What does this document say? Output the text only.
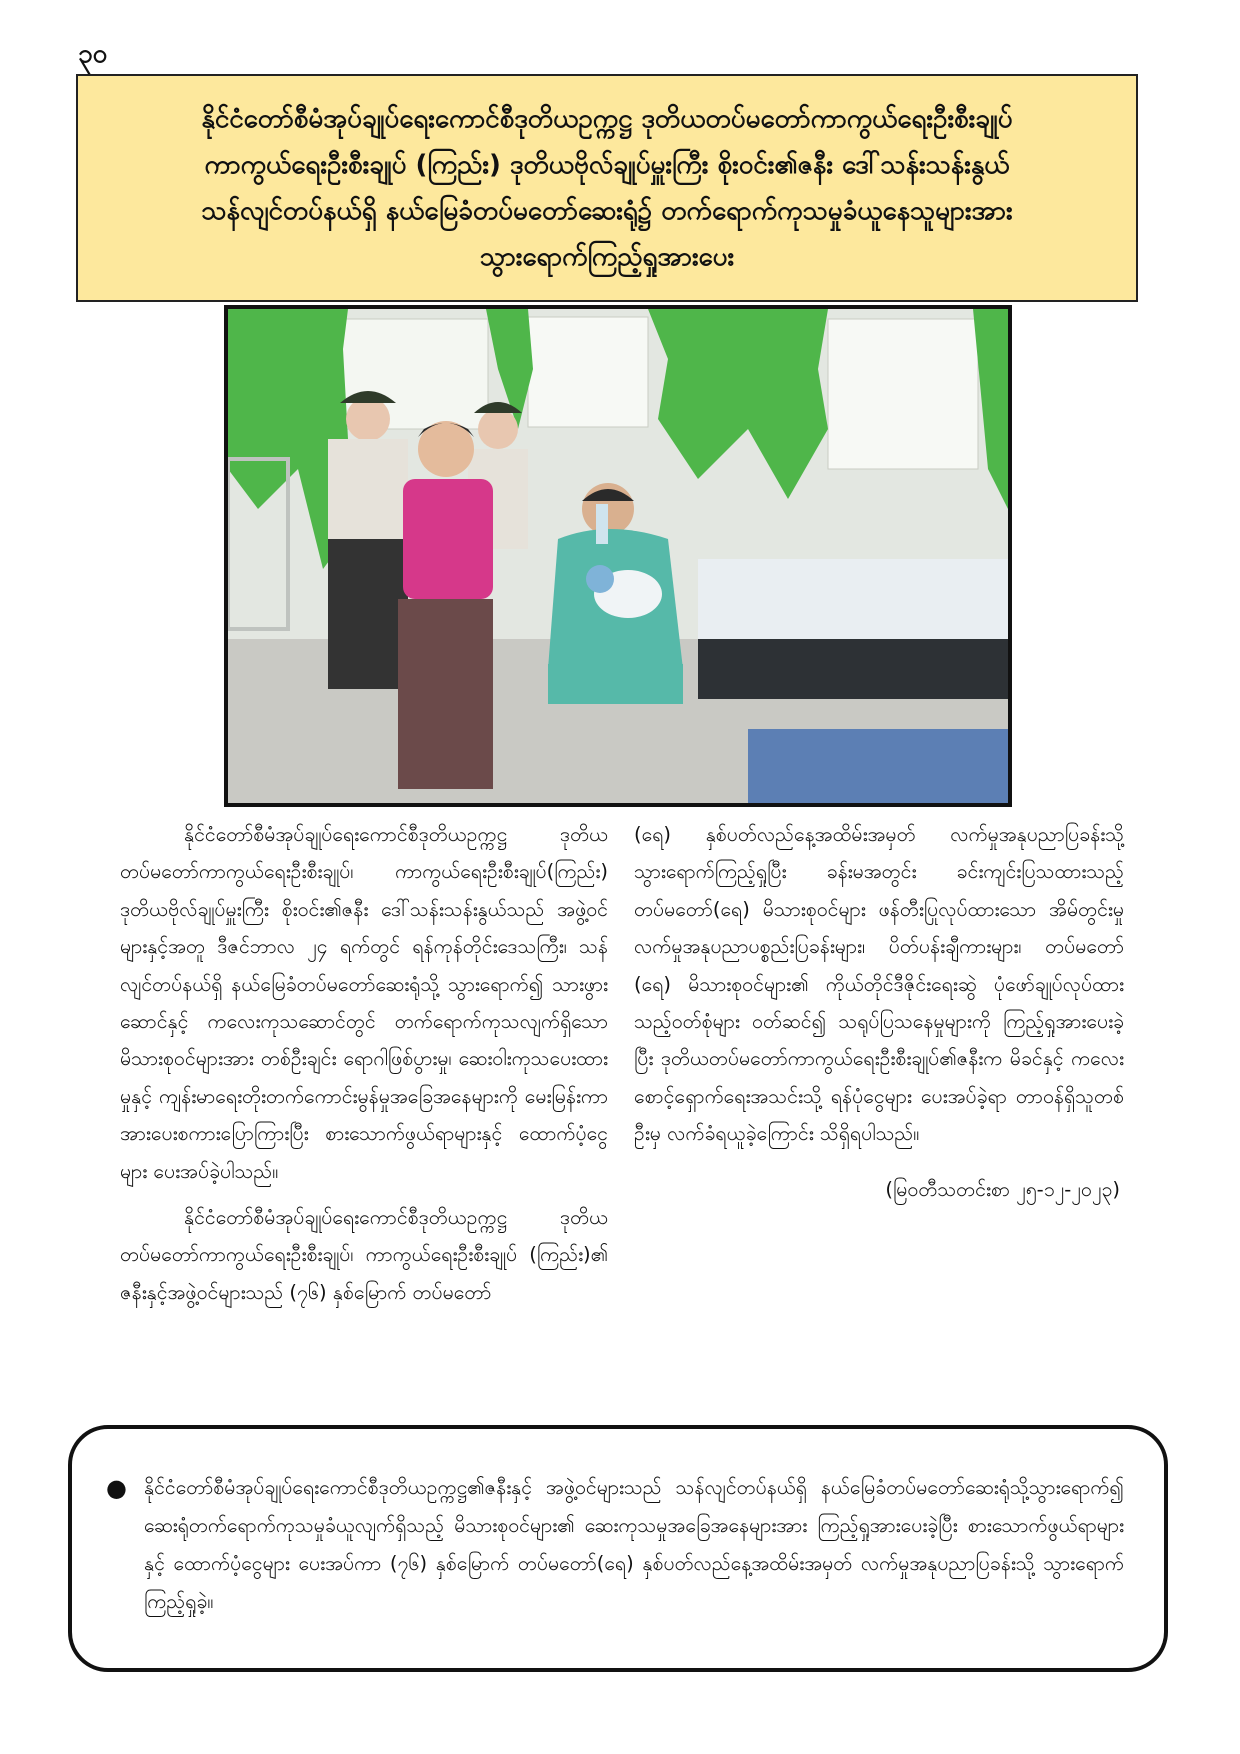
၃၀
နိုင်ငံတော်စီမံအုပ်ချုပ်ရေးကောင်စီဒုတိယဥက္ကဋ္ဌ ဒုတိယတပ်မတော်ကာကွယ်ရေးဦးစီးချုပ်
ကာကွယ်ရေးဦးစီးချုပ် (ကြည်း) ဒုတိယဗိုလ်ချုပ်မှူးကြီး စိုးဝင်း၏ဇနီး ဒေါ်သန်းသန်းနွယ်
သန်လျင်တပ်နယ်ရှိ နယ်မြေခံတပ်မတော်ဆေးရုံ၌ တက်ရောက်ကုသမှုခံယူနေသူများအား
သွားရောက်ကြည့်ရှုအားပေး

နိုင်ငံတော်စီမံအုပ်ချုပ်ရေးကောင်စီဒုတိယဥက္ကဋ္ဌ ဒုတိယ တပ်မတော်ကာကွယ်ရေးဦးစီးချုပ်၊ ကာကွယ်ရေးဦးစီးချုပ်(ကြည်း) ဒုတိယဗိုလ်ချုပ်မှူးကြီး စိုးဝင်း၏ဇနီး ဒေါ်သန်းသန်းနွယ်သည် အဖွဲ့ဝင်များနှင့်အတူ ဒီဇင်ဘာလ ၂၄ ရက်တွင် ရန်ကုန်တိုင်းဒေသကြီး၊ သန်လျင်တပ်နယ်ရှိ နယ်မြေခံတပ်မတော်ဆေးရုံသို့ သွားရောက်၍ သားဖွားဆောင်နှင့် ကလေးကုသဆောင်တွင် တက်ရောက်ကုသလျက်ရှိသော မိသားစုဝင်များအား တစ်ဦးချင်း ရောဂါဖြစ်ပွားမှု၊ ဆေးဝါးကုသပေးထားမှုနှင့် ကျန်းမာရေးတိုးတက်ကောင်းမွန်မှုအခြေအနေများကို မေးမြန်းကာ အားပေးစကားပြောကြားပြီး စားသောက်ဖွယ်ရာများနှင့် ထောက်ပံ့ငွေများ ပေးအပ်ခဲ့ပါသည်။

နိုင်ငံတော်စီမံအုပ်ချုပ်ရေးကောင်စီဒုတိယဥက္ကဋ္ဌ ဒုတိယ တပ်မတော်ကာကွယ်ရေးဦးစီးချုပ်၊ ကာကွယ်ရေးဦးစီးချုပ် (ကြည်း)၏ ဇနီးနှင့်အဖွဲ့ဝင်များသည် (၇၆) နှစ်မြောက် တပ်မတော်

(ရေ) နှစ်ပတ်လည်နေ့အထိမ်းအမှတ် လက်မှုအနုပညာပြခန်းသို့ သွားရောက်ကြည့်ရှုပြီး ခန်းမအတွင်း ခင်းကျင်းပြသထားသည့် တပ်မတော်(ရေ) မိသားစုဝင်များ ဖန်တီးပြုလုပ်ထားသော အိမ်တွင်းမှုလက်မှုအနုပညာပစ္စည်းပြခန်းများ၊ ပိတ်ပန်းချီကားများ၊ တပ်မတော် (ရေ) မိသားစုဝင်များ၏ ကိုယ်တိုင်ဒီဇိုင်းရေးဆွဲ ပုံဖော်ချုပ်လုပ်ထားသည့်ဝတ်စုံများ ဝတ်ဆင်၍ သရုပ်ပြသနေမှုများကို ကြည့်ရှုအားပေးခဲ့ပြီး ဒုတိယတပ်မတော်ကာကွယ်ရေးဦးစီးချုပ်၏ဇနီးက မိခင်နှင့် ကလေးစောင့်ရှောက်ရေးအသင်းသို့ ရန်ပုံငွေများ ပေးအပ်ခဲ့ရာ တာဝန်ရှိသူတစ်ဦးမှ လက်ခံရယူခဲ့ကြောင်း သိရှိရပါသည်။

(မြဝတီသတင်းစာ ၂၅-၁၂-၂၀၂၃)

● နိုင်ငံတော်စီမံအုပ်ချုပ်ရေးကောင်စီဒုတိယဥက္ကဋ္ဌ၏ဇနီးနှင့် အဖွဲ့ဝင်များသည် သန်လျင်တပ်နယ်ရှိ နယ်မြေခံတပ်မတော်ဆေးရုံသို့သွားရောက်၍ ဆေးရုံတက်ရောက်ကုသမှုခံယူလျက်ရှိသည့် မိသားစုဝင်များ၏ ဆေးကုသမှုအခြေအနေများအား ကြည့်ရှုအားပေးခဲ့ပြီး စားသောက်ဖွယ်ရာများနှင့် ထောက်ပံ့ငွေများ ပေးအပ်ကာ (၇၆) နှစ်မြောက် တပ်မတော်(ရေ) နှစ်ပတ်လည်နေ့အထိမ်းအမှတ် လက်မှုအနုပညာပြခန်းသို့ သွားရောက်ကြည့်ရှုခဲ့။
